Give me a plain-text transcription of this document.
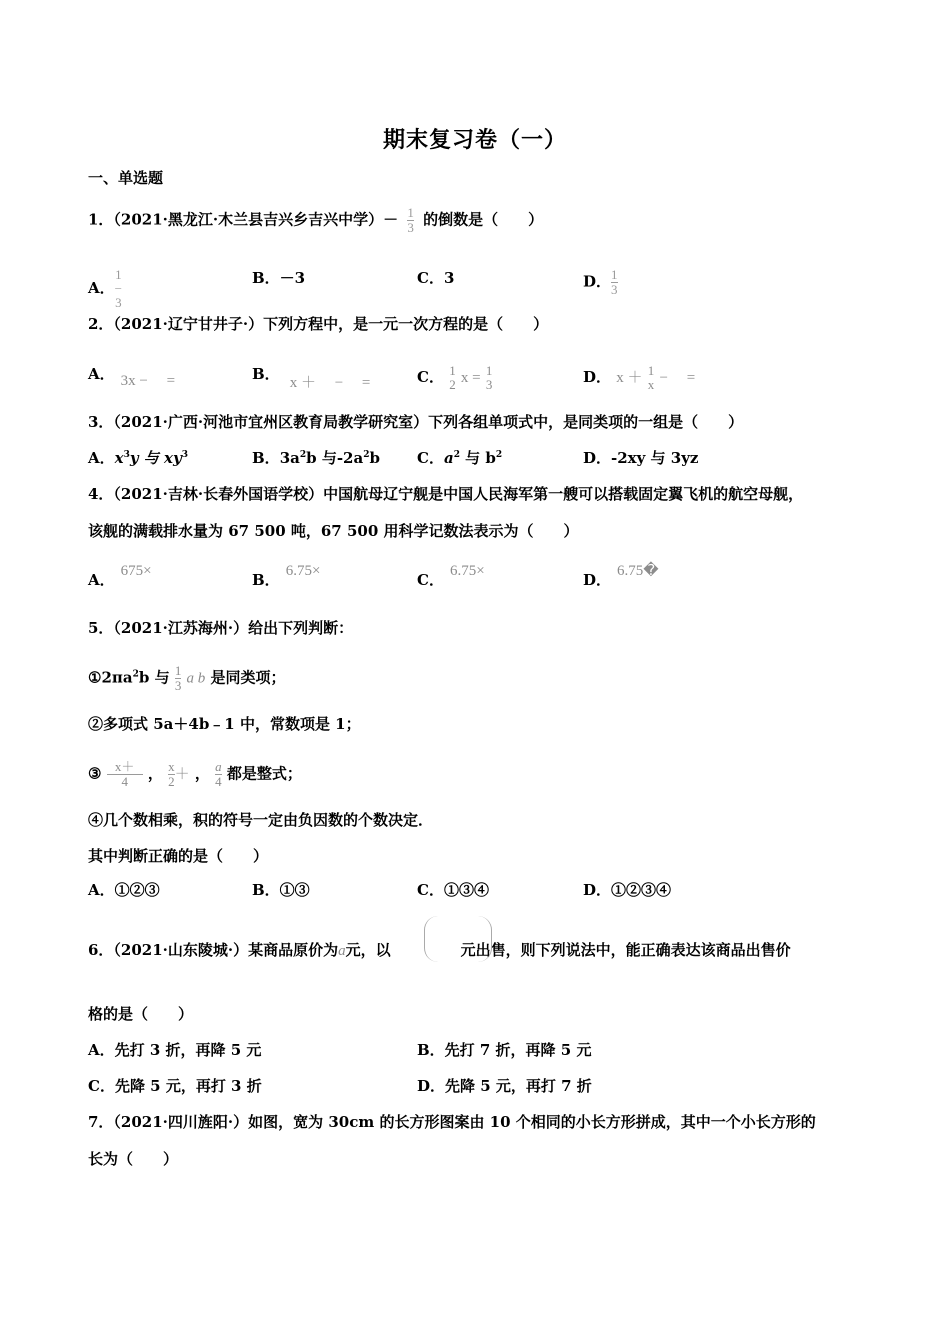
期末复习卷（一）
一、单选题
1．（2021·黑龙江·木兰县吉兴乡吉兴中学）－ $\frac{1}{3}$ 的倒数是（　　）
A．
1
−
3
B．－3	C．3	D． $\frac{1}{3}$
2．（2021·辽宁甘井子·）下列方程中，是一元一次方程的是（　　）
A． 3x −　 =	B． x ＋　 −　 =	C． 1
2 x = 1
3	D． x ＋ 1
x −　 =
3．（2021·广西·河池市宜州区教育局教学研究室）下列各组单项式中，是同类项的一组是（　　）
A．$x^3y$ 与 $xy^3$	B．$3a^2b$ 与$-2a^2b$ C．$a^2$ 与 $b^2$	D．-2xy 与 3yz
4．（2021·吉林·长春外国语学校）中国航母辽宁舰是中国人民海军第一艘可以搭载固定翼飞机的航空母舰，
该舰的满载排水量为 67 500 吨，67 500 用科学记数法表示为（　　）
A． 675×	B． 6.75×	C． 6.75×	D． 6.75�
5．（2021·江苏海州·）给出下列判断：
$①2\pi a^2b$ 与 $\frac{1}{3}$ a b 是同类项；
②多项式 5a＋4b﹣1 中，常数项是 1；
③ $\frac{x+}{4}$ ， $\frac{x}{2}$ ＋ ， $\frac{a}{4}$ 都是整式；
④几个数相乘，积的符号一定由负因数的个数决定．
其中判断正确的是（　　）
A．①②③	B．①③	C．①③④	D．①②③④
6．（2021·山东陵城·）某商品原价为a元，以	元出售，则下列说法中，能正确表达该商品出售价
格的是（　　）
A．先打 3 折，再降 5 元	B．先打 7 折，再降 5 元
C．先降 5 元，再打 3 折	D．先降 5 元，再打 7 折
7．（2021·四川旌阳·）如图，宽为 30cm 的长方形图案由 10 个相同的小长方形拼成，其中一个小长方形的
长为（　　）
